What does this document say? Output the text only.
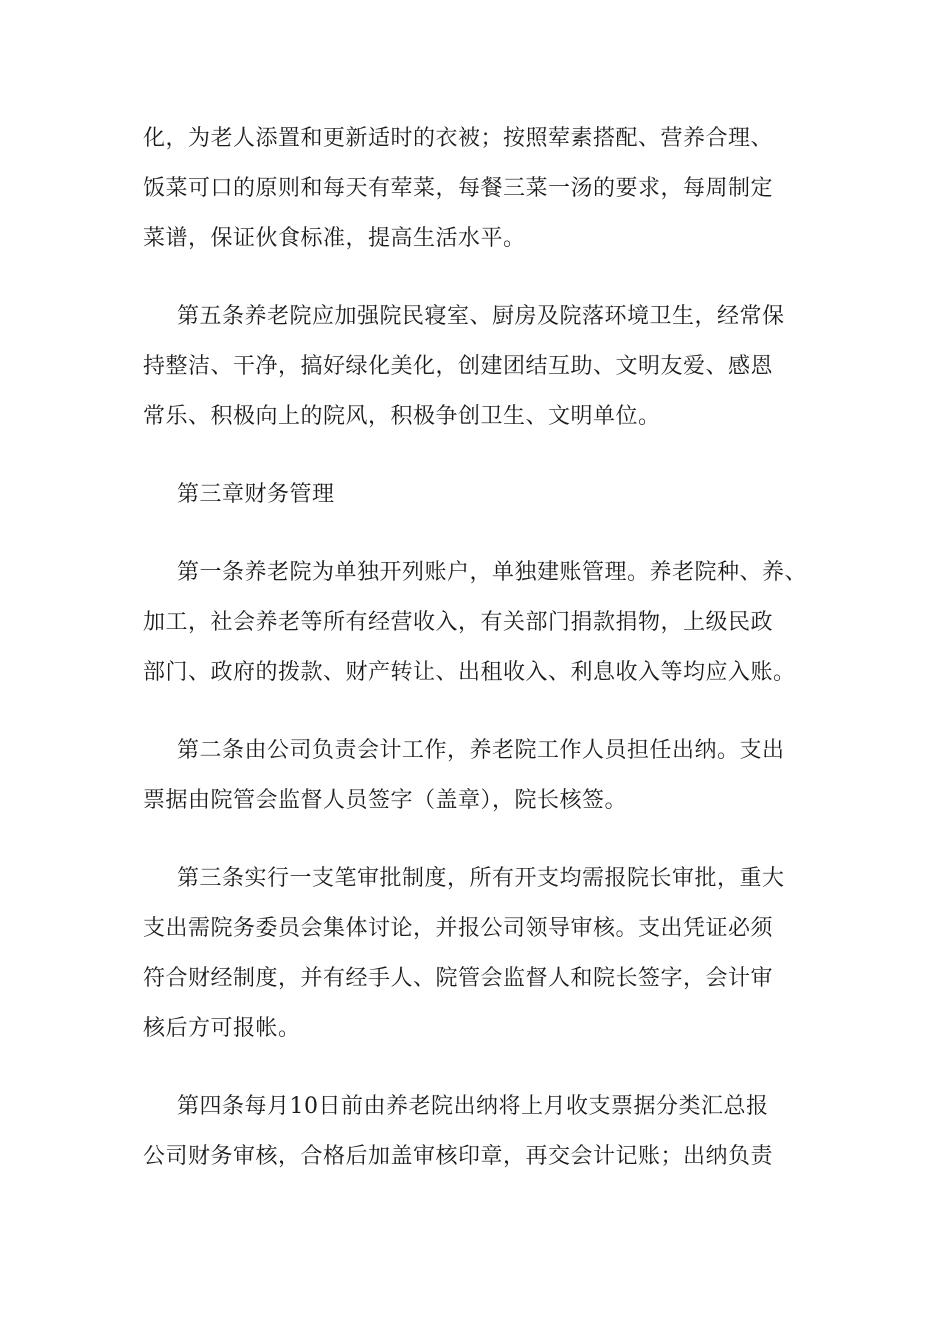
化，为老人添置和更新适时的衣被；按照荤素搭配、营养合理、
饭菜可口的原则和每天有荤菜，每餐三菜一汤的要求，每周制定
菜谱，保证伙食标准，提高生活水平。
第五条养老院应加强院民寝室、厨房及院落环境卫生，经常保
持整洁、干净，搞好绿化美化，创建团结互助、文明友爱、感恩
常乐、积极向上的院风，积极争创卫生、文明单位。
第三章财务管理
第一条养老院为单独开列账户，单独建账管理。养老院种、养、
加工，社会养老等所有经营收入，有关部门捐款捐物，上级民政
部门、政府的拨款、财产转让、出租收入、利息收入等均应入账。
第二条由公司负责会计工作，养老院工作人员担任出纳。支出
票据由院管会监督人员签字（盖章），院长核签。
第三条实行一支笔审批制度，所有开支均需报院长审批，重大
支出需院务委员会集体讨论，并报公司领导审核。支出凭证必须
符合财经制度，并有经手人、院管会监督人和院长签字，会计审
核后方可报帐。
第四条每月10日前由养老院出纳将上月收支票据分类汇总报
公司财务审核，合格后加盖审核印章，再交会计记账；出纳负责
